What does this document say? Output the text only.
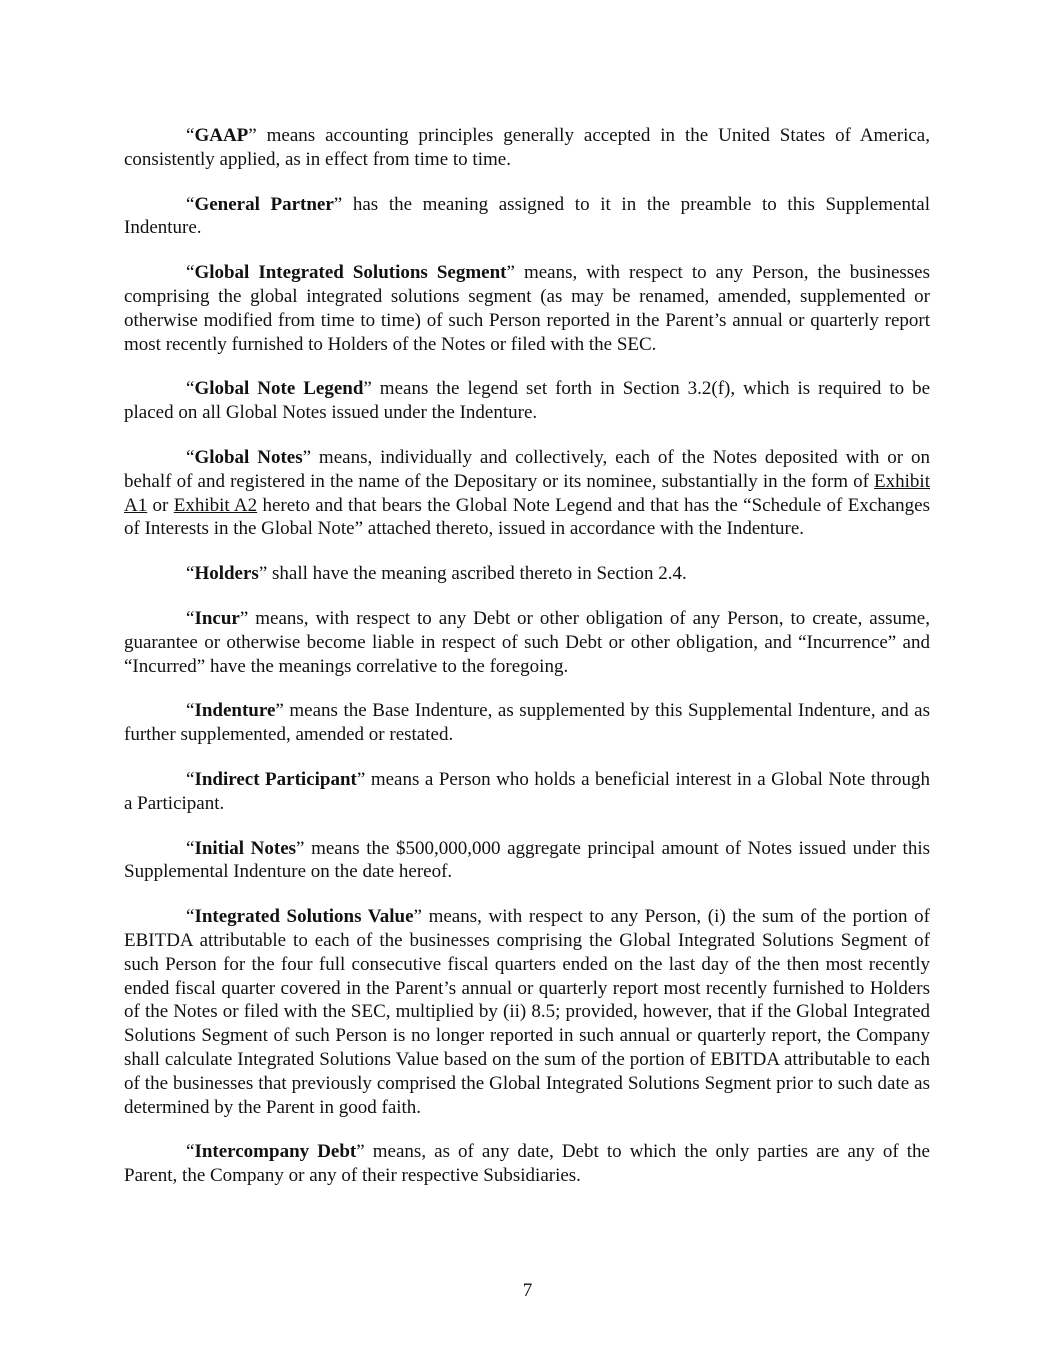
“GAAP” means accounting principles generally accepted in the United States of America, consistently applied, as in effect from time to time.

“General Partner” has the meaning assigned to it in the preamble to this Supplemental Indenture.

“Global Integrated Solutions Segment” means, with respect to any Person, the businesses comprising the global integrated solutions segment (as may be renamed, amended, supplemented or otherwise modified from time to time) of such Person reported in the Parent’s annual or quarterly report most recently furnished to Holders of the Notes or filed with the SEC.

“Global Note Legend” means the legend set forth in Section 3.2(f), which is required to be placed on all Global Notes issued under the Indenture.

“Global Notes” means, individually and collectively, each of the Notes deposited with or on behalf of and registered in the name of the Depositary or its nominee, substantially in the form of Exhibit A1 or Exhibit A2 hereto and that bears the Global Note Legend and that has the “Schedule of Exchanges of Interests in the Global Note” attached thereto, issued in accordance with the Indenture.

“Holders” shall have the meaning ascribed thereto in Section 2.4.

“Incur” means, with respect to any Debt or other obligation of any Person, to create, assume, guarantee or otherwise become liable in respect of such Debt or other obligation, and “Incurrence” and “Incurred” have the meanings correlative to the foregoing.

“Indenture” means the Base Indenture, as supplemented by this Supplemental Indenture, and as further supplemented, amended or restated.

“Indirect Participant” means a Person who holds a beneficial interest in a Global Note through a Participant.

“Initial Notes” means the $500,000,000 aggregate principal amount of Notes issued under this Supplemental Indenture on the date hereof.

“Integrated Solutions Value” means, with respect to any Person, (i) the sum of the portion of EBITDA attributable to each of the businesses comprising the Global Integrated Solutions Segment of such Person for the four full consecutive fiscal quarters ended on the last day of the then most recently ended fiscal quarter covered in the Parent’s annual or quarterly report most recently furnished to Holders of the Notes or filed with the SEC, multiplied by (ii) 8.5; provided, however, that if the Global Integrated Solutions Segment of such Person is no longer reported in such annual or quarterly report, the Company shall calculate Integrated Solutions Value based on the sum of the portion of EBITDA attributable to each of the businesses that previously comprised the Global Integrated Solutions Segment prior to such date as determined by the Parent in good faith.

“Intercompany Debt” means, as of any date, Debt to which the only parties are any of the Parent, the Company or any of their respective Subsidiaries.

7
